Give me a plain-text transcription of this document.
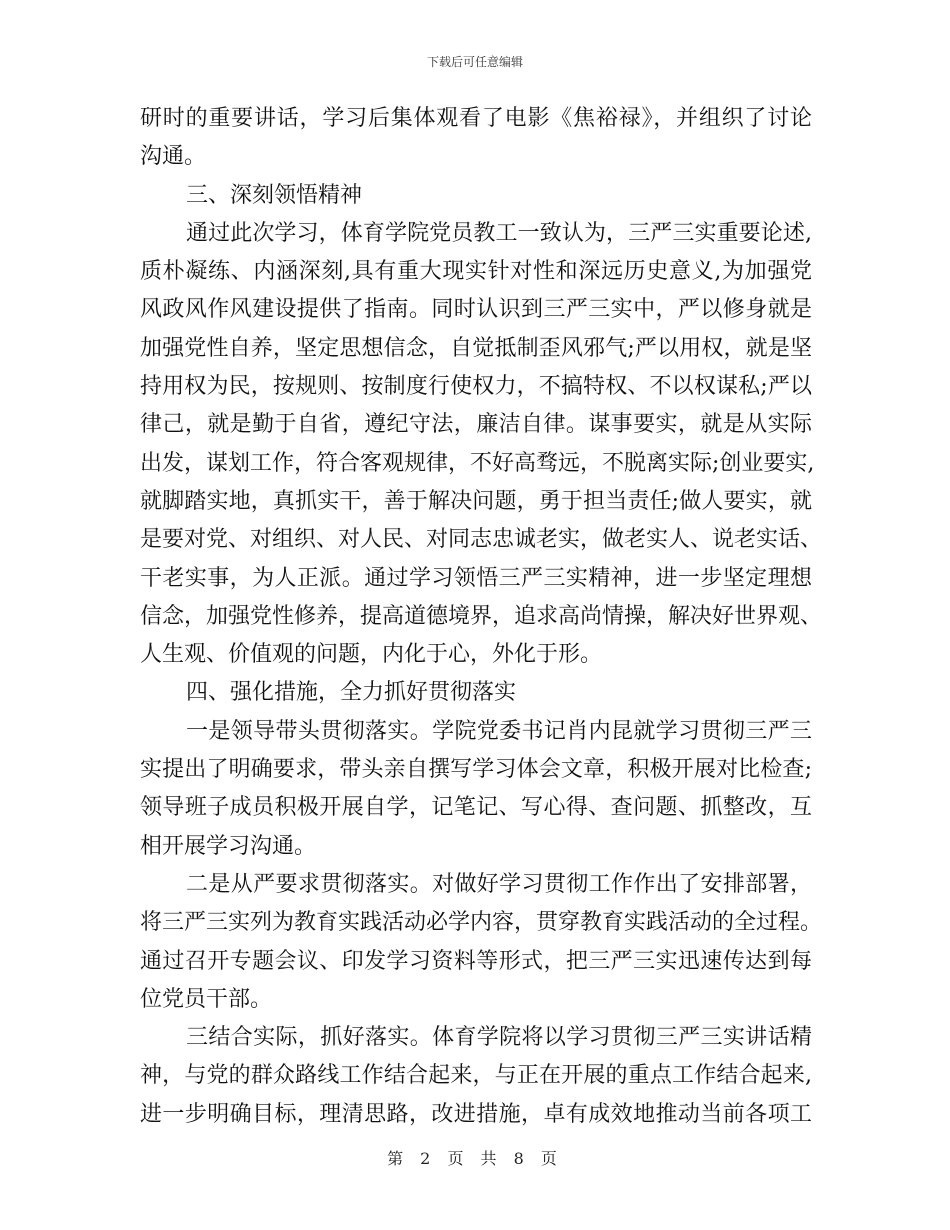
下载后可任意编辑
研时的重要讲话，学习后集体观看了电影《焦裕禄》，并组织了讨论
沟通。
三、深刻领悟精神
通过此次学习，体育学院党员教工一致认为，三严三实重要论述,
质朴凝练、内涵深刻,具有重大现实针对性和深远历史意义,为加强党
风政风作风建设提供了指南。同时认识到三严三实中，严以修身就是
加强党性自养，坚定思想信念，自觉抵制歪风邪气;严以用权，就是坚
持用权为民，按规则、按制度行使权力，不搞特权、不以权谋私;严以
律己，就是勤于自省，遵纪守法，廉洁自律。谋事要实，就是从实际
出发，谋划工作，符合客观规律，不好高骛远，不脱离实际;创业要实,
就脚踏实地，真抓实干，善于解决问题，勇于担当责任;做人要实，就
是要对党、对组织、对人民、对同志忠诚老实，做老实人、说老实话、
干老实事，为人正派。通过学习领悟三严三实精神，进一步坚定理想
信念，加强党性修养，提高道德境界，追求高尚情操，解决好世界观、
人生观、价值观的问题，内化于心，外化于形。
四、强化措施，全力抓好贯彻落实
一是领导带头贯彻落实。学院党委书记肖内昆就学习贯彻三严三
实提出了明确要求，带头亲自撰写学习体会文章，积极开展对比检查;
领导班子成员积极开展自学，记笔记、写心得、查问题、抓整改，互
相开展学习沟通。
二是从严要求贯彻落实。对做好学习贯彻工作作出了安排部署，
将三严三实列为教育实践活动必学内容，贯穿教育实践活动的全过程。
通过召开专题会议、印发学习资料等形式，把三严三实迅速传达到每
位党员干部。
三结合实际，抓好落实。体育学院将以学习贯彻三严三实讲话精
神，与党的群众路线工作结合起来，与正在开展的重点工作结合起来,
进一步明确目标，理清思路，改进措施，卓有成效地推动当前各项工
第 2 页 共 8 页
